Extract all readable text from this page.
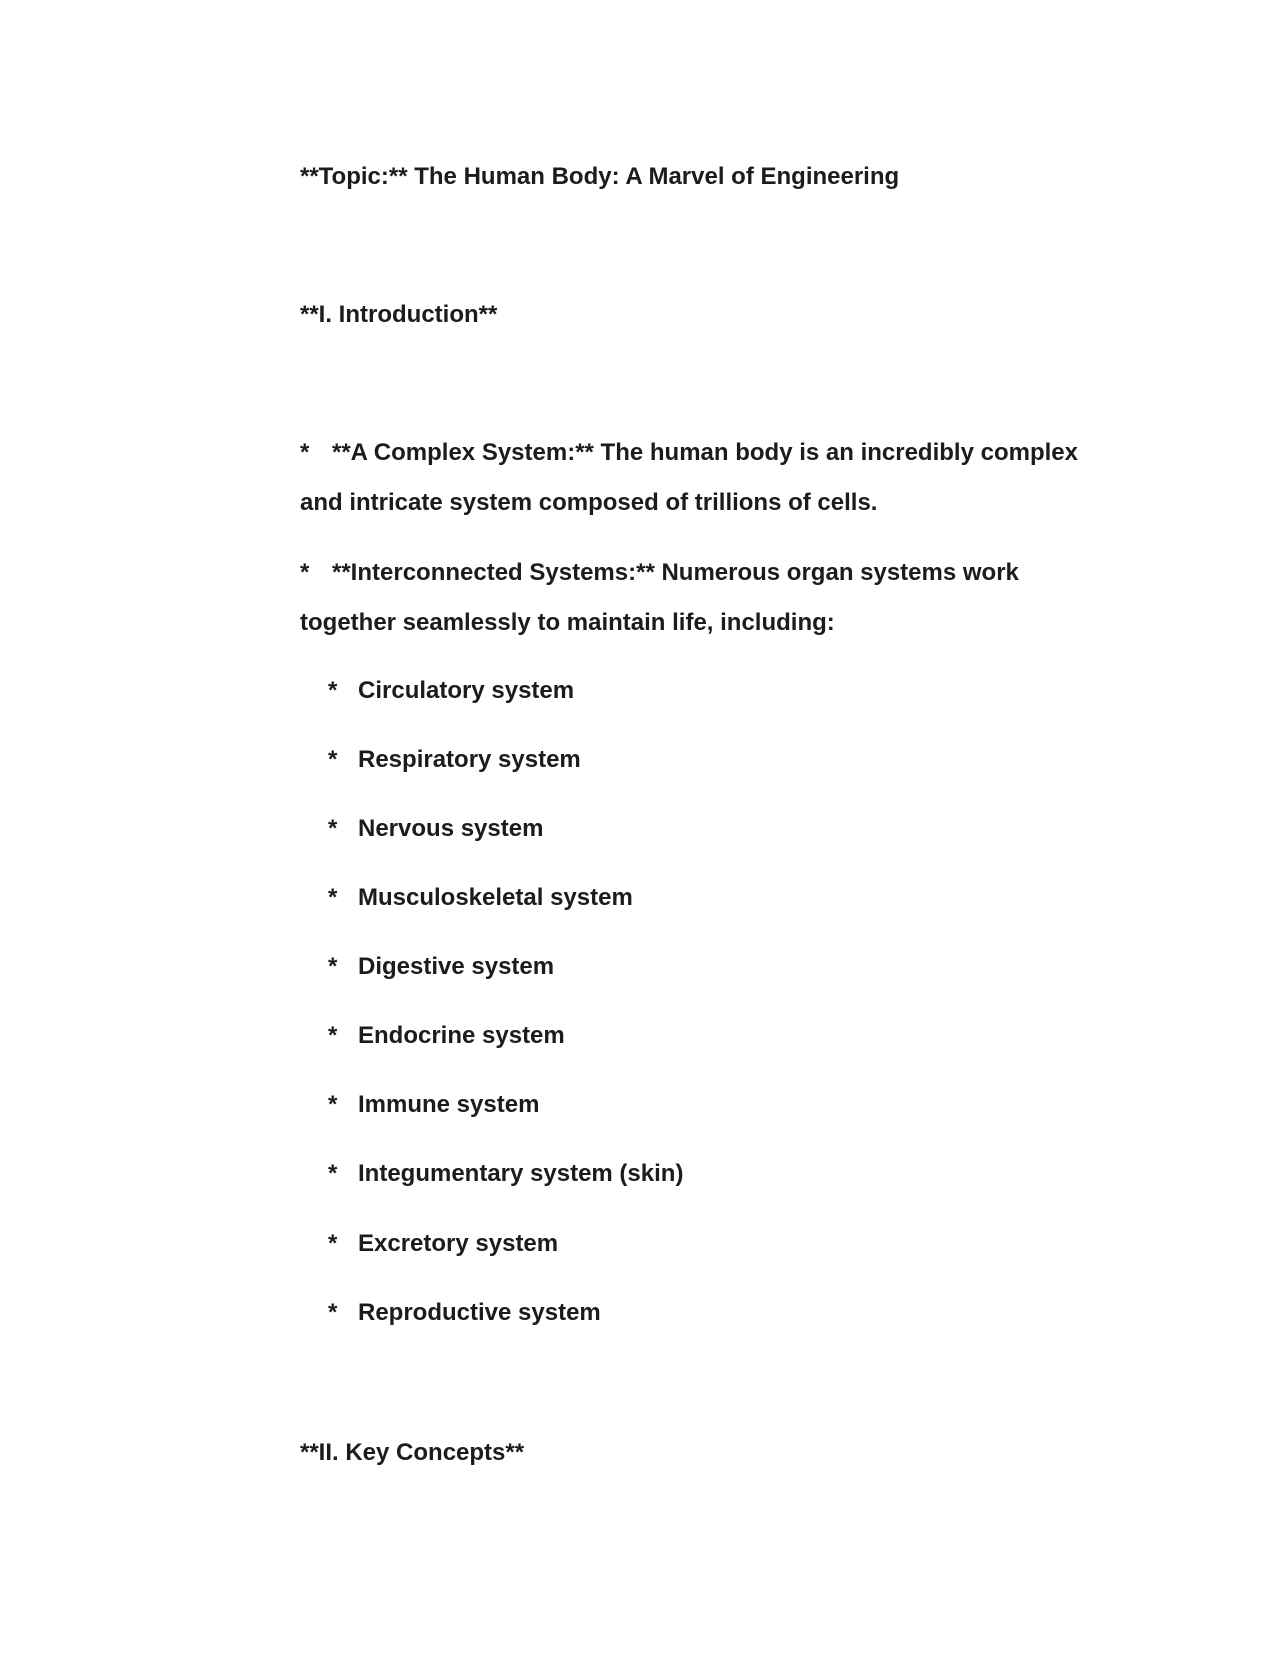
**Topic:** The Human Body: A Marvel of Engineering
**I. Introduction**
* **A Complex System:** The human body is an incredibly complex and intricate system composed of trillions of cells.
* **Interconnected Systems:** Numerous organ systems work together seamlessly to maintain life, including:
* Circulatory system
* Respiratory system
* Nervous system
* Musculoskeletal system
* Digestive system
* Endocrine system
* Immune system
* Integumentary system (skin)
* Excretory system
* Reproductive system
**II. Key Concepts**
